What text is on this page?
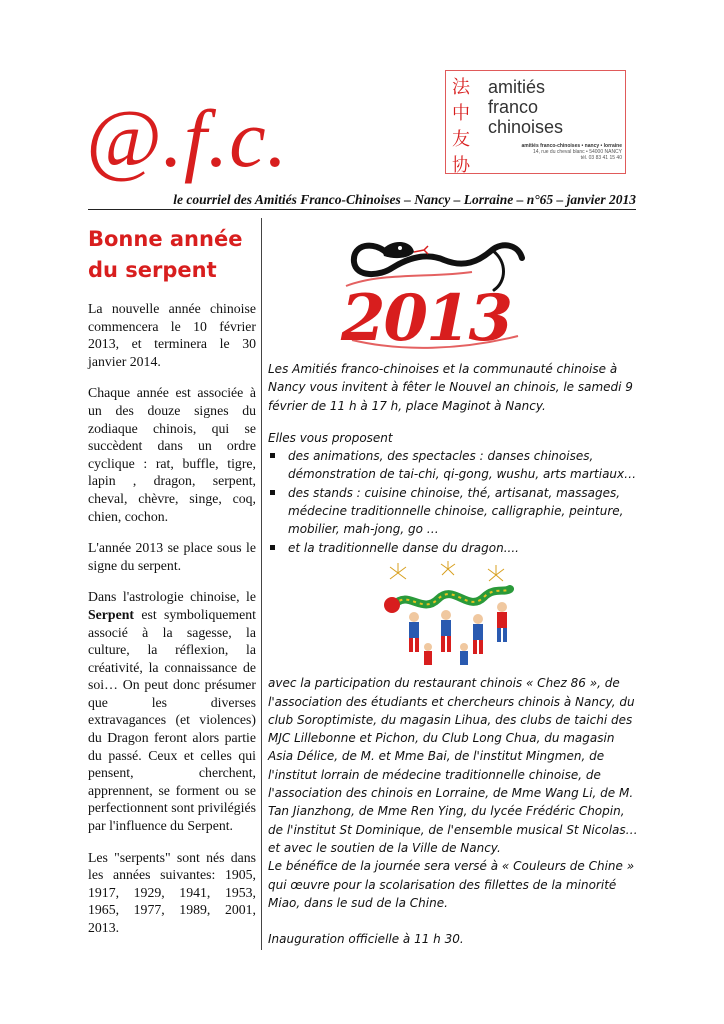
@.f.c.
le courriel des Amitiés Franco-Chinoises – Nancy – Lorraine – n°65 – janvier 2013
法
中
友
协
amitiés
franco
chinoises
amitiés franco-chinoises • nancy • lorraine
14, rue du cheval blanc • 54000 NANCY
tél. 03 83 41 15 40
Bonne année
du serpent

La nouvelle année chinoise commencera le 10 février 2013, et terminera le 30 janvier 2014.

Chaque année est associée à un des douze signes du zodiaque chinois, qui se succèdent dans un ordre cyclique : rat, buffle, tigre, lapin , dragon, serpent, cheval, chèvre, singe, coq, chien, cochon.

L'année 2013 se place sous le signe du serpent.

Dans l'astrologie chinoise, le Serpent est symboliquement associé à la sagesse, la culture, la réflexion, la créativité, la connaissance de soi… On peut donc présumer que les diverses extravagances (et violences) du Dragon feront alors partie du passé. Ceux et celles qui pensent, cherchent, apprennent, se forment ou se perfectionnent sont privilégiés par l'influence du Serpent.

Les "serpents" sont nés dans les années suivantes: 1905, 1917, 1929, 1941, 1953, 1965, 1977, 1989, 2001, 2013.

2013

Les Amitiés franco-chinoises et la communauté chinoise à Nancy vous invitent à fêter le Nouvel an chinois, le samedi 9 février de 11 h à 17 h, place Maginot à Nancy.

Elles vous proposent

des animations, des spectacles : danses chinoises, démonstration de tai-chi, qi-gong, wushu, arts martiaux…
des stands : cuisine chinoise, thé, artisanat, massages, médecine traditionnelle chinoise, calligraphie, peinture, mobilier, mah-jong, go …
et la traditionnelle danse du dragon....

avec la participation du restaurant chinois « Chez 86 », de l'association des étudiants et chercheurs chinois à Nancy, du club Soroptimiste, du magasin Lihua, des clubs de taichi des MJC Lillebonne et Pichon, du Club Long Chua, du magasin Asia Délice, de M. et Mme Bai, de l'institut Mingmen, de l'institut lorrain de médecine traditionnelle chinoise, de l'association des chinois en Lorraine, de Mme Wang Li, de M. Tan Jianzhong, de Mme Ren Ying, du lycée Frédéric Chopin, de l'institut St Dominique, de l'ensemble musical St Nicolas… et avec le soutien de la Ville de Nancy.

Le bénéfice de la journée sera versé à « Couleurs de Chine » qui œuvre pour la scolarisation des fillettes de la minorité Miao, dans le sud de la Chine.

Inauguration officielle à 11 h 30.
